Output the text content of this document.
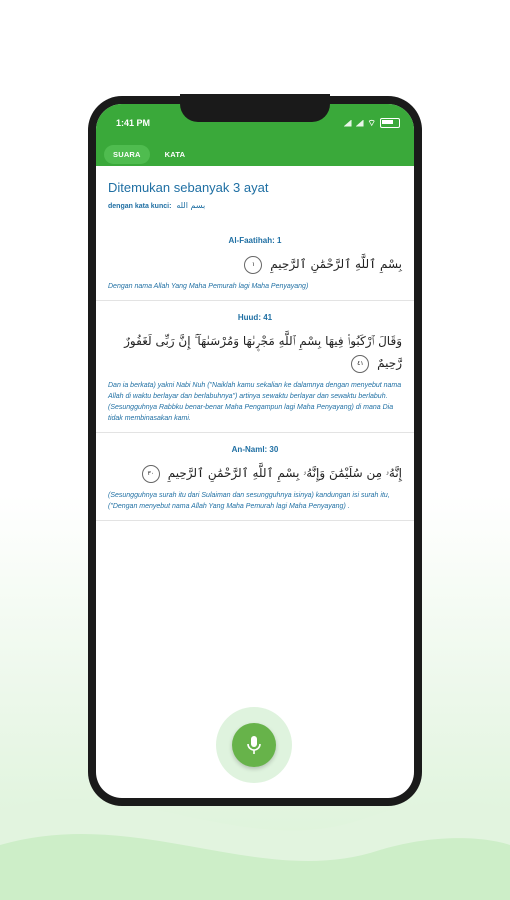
1:41 PM	⌔
SUARA	KATA

Ditemukan sebanyak 3 ayat

dengan kata kunci: بسم الله
Al-Faatihah: 1
بِسْمِ ٱللَّهِ ٱلرَّحْمَٰنِ ٱلرَّحِيمِ ١
Dengan nama Allah Yang Maha Pemurah lagi Maha Penyayang)
Huud: 41
وَقَالَ ٱرْكَبُوا۟ فِيهَا بِسْمِ ٱللَّهِ مَجْر۪ىٰهَا وَمُرْسَىٰهَآ ۚ إِنَّ رَبِّى لَغَفُورٌ رَّحِيمٌ ٤١
Dan ia berkata) yakni Nabi Nuh ("Naiklah kamu sekalian ke dalamnya dengan menyebut nama Allah di waktu berlayar dan berlabuhnya") artinya sewaktu berlayar dan sewaktu berlabuh. (Sesungguhnya Rabbku benar-benar Maha Pengampun lagi Maha Penyayang) di mana Dia tidak membinasakan kami.
An-Naml: 30
إِنَّهُۥ مِن سُلَيْمَٰنَ وَإِنَّهُۥ بِسْمِ ٱللَّهِ ٱلرَّحْمَٰنِ ٱلرَّحِيمِ ٣٠
(Sesungguhnya surah itu dari Sulaiman dan sesungguhnya isinya) kandungan isi surah itu, ("Dengan menyebut nama Allah Yang Maha Pemurah lagi Maha Penyayang) .
